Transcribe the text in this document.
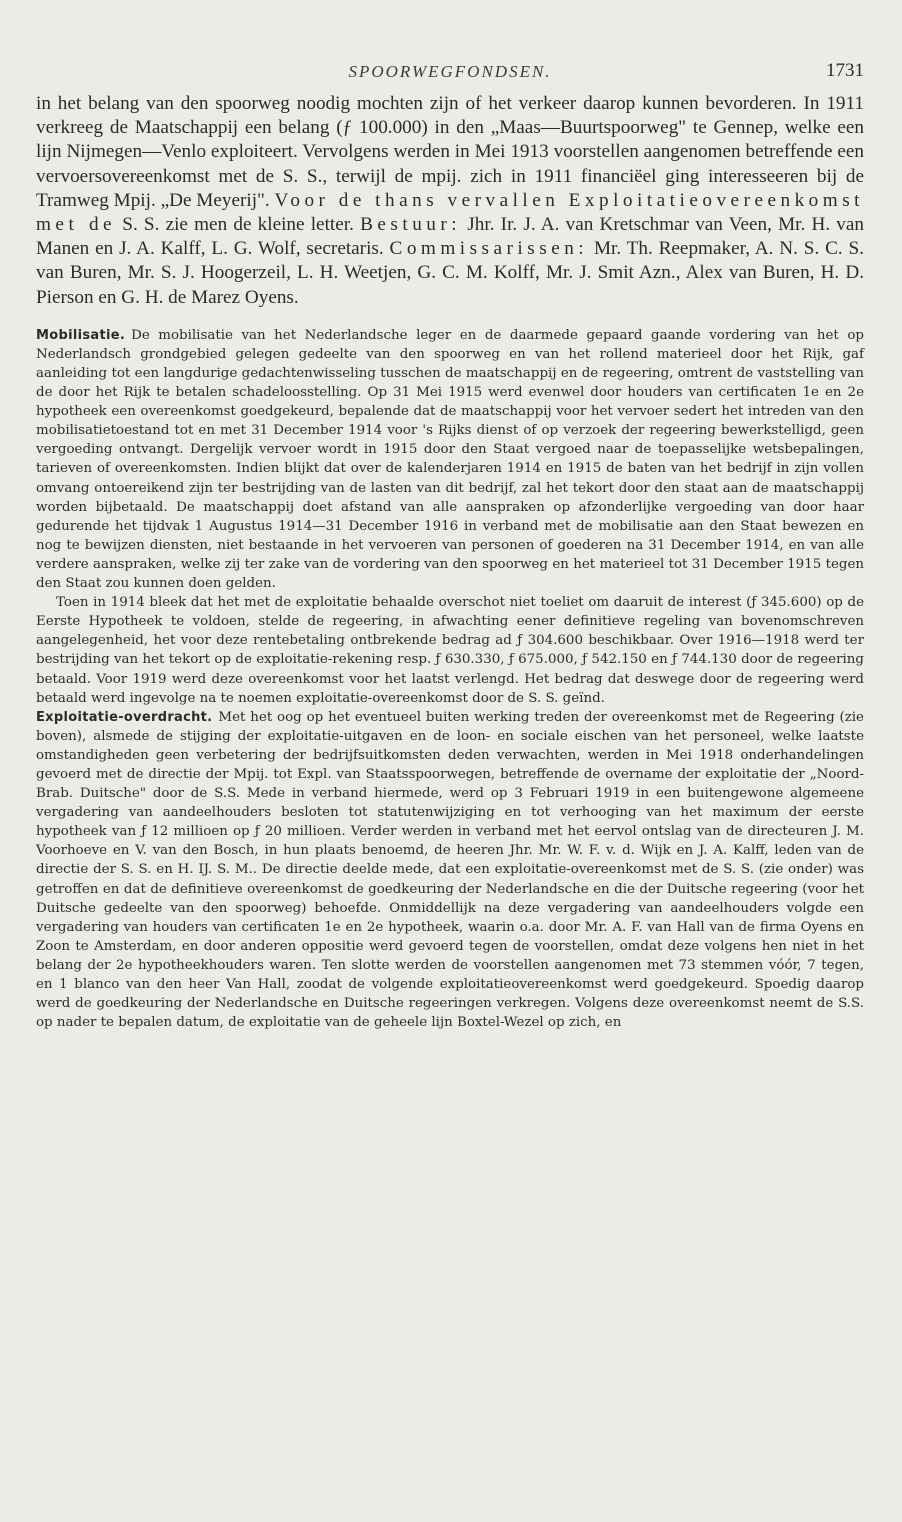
SPOORWEGFONDSEN.	1731

in het belang van den spoorweg noodig mochten zijn of het verkeer daarop kunnen bevorderen. In 1911 verkreeg de Maatschappij een belang (ƒ 100.000) in den „Maas—Buurtspoorweg" te Gennep, welke een lijn Nijmegen—Venlo exploiteert. Vervolgens werden in Mei 1913 voorstellen aangenomen betreffende een vervoersovereenkomst met de S. S., terwijl de mpij. zich in 1911 financiëel ging interesseeren bij de Tramweg Mpij. „De Meyerij". Voor de thans vervallen Exploitatieovereenkomst met de S. S. zie men de kleine letter. Bestuur: Jhr. Ir. J. A. van Kretschmar van Veen, Mr. H. van Manen en J. A. Kalff, L. G. Wolf, secretaris. Commissarissen: Mr. Th. Reepmaker, A. N. S. C. S. van Buren, Mr. S. J. Hoogerzeil, L. H. Weetjen, G. C. M. Kolff, Mr. J. Smit Azn., Alex van Buren, H. D. Pierson en G. H. de Marez Oyens.

Mobilisatie. De mobilisatie van het Nederlandsche leger en de daarmede gepaard gaande vordering van het op Nederlandsch grondgebied gelegen gedeelte van den spoorweg en van het rollend materieel door het Rijk, gaf aanleiding tot een langdurige gedachtenwisseling tusschen de maatschappij en de regeering, omtrent de vaststelling van de door het Rijk te betalen schadeloosstelling. Op 31 Mei 1915 werd evenwel door houders van certificaten 1e en 2e hypotheek een overeenkomst goedgekeurd, bepalende dat de maatschappij voor het vervoer sedert het intreden van den mobilisatietoestand tot en met 31 December 1914 voor 's Rijks dienst of op verzoek der regeering bewerkstelligd, geen vergoeding ontvangt. Dergelijk vervoer wordt in 1915 door den Staat vergoed naar de toepasselijke wetsbepalingen, tarieven of overeenkomsten. Indien blijkt dat over de kalenderjaren 1914 en 1915 de baten van het bedrijf in zijn vollen omvang ontoereikend zijn ter bestrijding van de lasten van dit bedrijf, zal het tekort door den staat aan de maatschappij worden bijbetaald. De maatschappij doet afstand van alle aanspraken op afzonderlijke vergoeding van door haar gedurende het tijdvak 1 Augustus 1914—31 December 1916 in verband met de mobilisatie aan den Staat bewezen en nog te bewijzen diensten, niet bestaande in het vervoeren van personen of goederen na 31 December 1914, en van alle verdere aanspraken, welke zij ter zake van de vordering van den spoorweg en het materieel tot 31 December 1915 tegen den Staat zou kunnen doen gelden.

Toen in 1914 bleek dat het met de exploitatie behaalde overschot niet toeliet om daaruit de interest (ƒ 345.600) op de Eerste Hypotheek te voldoen, stelde de regeering, in afwachting eener definitieve regeling van bovenomschreven aangelegenheid, het voor deze rentebetaling ontbrekende bedrag ad ƒ 304.600 beschikbaar. Over 1916—1918 werd ter bestrijding van het tekort op de exploitatie-rekening resp. ƒ 630.330, ƒ 675.000, ƒ 542.150 en ƒ 744.130 door de regeering betaald. Voor 1919 werd deze overeenkomst voor het laatst verlengd. Het bedrag dat deswege door de regeering werd betaald werd ingevolge na te noemen exploitatie-overeenkomst door de S. S. geïnd.

Exploitatie-overdracht. Met het oog op het eventueel buiten werking treden der overeenkomst met de Regeering (zie boven), alsmede de stijging der exploitatie-uitgaven en de loon- en sociale eischen van het personeel, welke laatste omstandigheden geen verbetering der bedrijfsuitkomsten deden verwachten, werden in Mei 1918 onderhandelingen gevoerd met de directie der Mpij. tot Expl. van Staatsspoorwegen, betreffende de overname der exploitatie der „Noord-Brab. Duitsche" door de S.S. Mede in verband hiermede, werd op 3 Februari 1919 in een buitengewone algemeene vergadering van aandeelhouders besloten tot statutenwijziging en tot verhooging van het maximum der eerste hypotheek van ƒ 12 millioen op ƒ 20 millioen. Verder werden in verband met het eervol ontslag van de directeuren J. M. Voorhoeve en V. van den Bosch, in hun plaats benoemd, de heeren Jhr. Mr. W. F. v. d. Wijk en J. A. Kalff, leden van de directie der S. S. en H. IJ. S. M.. De directie deelde mede, dat een exploitatie-overeenkomst met de S. S. (zie onder) was getroffen en dat de definitieve overeenkomst de goedkeuring der Nederlandsche en die der Duitsche regeering (voor het Duitsche gedeelte van den spoorweg) behoefde. Onmiddellijk na deze vergadering van aandeelhouders volgde een vergadering van houders van certificaten 1e en 2e hypotheek, waarin o.a. door Mr. A. F. van Hall van de firma Oyens en Zoon te Amsterdam, en door anderen oppositie werd gevoerd tegen de voorstellen, omdat deze volgens hen niet in het belang der 2e hypotheekhouders waren. Ten slotte werden de voorstellen aangenomen met 73 stemmen vóór, 7 tegen, en 1 blanco van den heer Van Hall, zoodat de volgende exploitatieovereenkomst werd goedgekeurd. Spoedig daarop werd de goedkeuring der Nederlandsche en Duitsche regeeringen verkregen. Volgens deze overeenkomst neemt de S.S. op nader te bepalen datum, de exploitatie van de geheele lijn Boxtel-Wezel op zich, en
